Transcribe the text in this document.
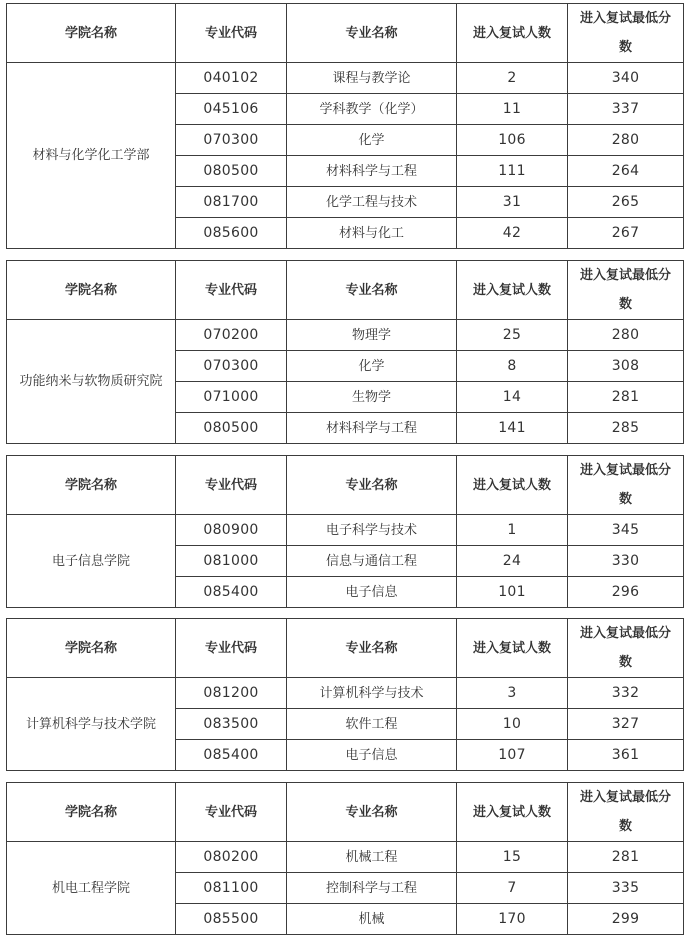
学院名称	专业代码	专业名称	进入复试人数	进入复试最低分
数
材料与化学化工学部	040102	课程与教学论	2	340
	045106	学科教学（化学）	11	337
	070300	化学	106	280
	080500	材料科学与工程	111	264
	081700	化学工程与技术	31	265
	085600	材料与化工	42	267
学院名称	专业代码	专业名称	进入复试人数	进入复试最低分
数
功能纳米与软物质研究院	070200	物理学	25	280
	070300	化学	8	308
	071000	生物学	14	281
	080500	材料科学与工程	141	285
学院名称	专业代码	专业名称	进入复试人数	进入复试最低分
数
电子信息学院	080900	电子科学与技术	1	345
	081000	信息与通信工程	24	330
	085400	电子信息	101	296
学院名称	专业代码	专业名称	进入复试人数	进入复试最低分
数
计算机科学与技术学院	081200	计算机科学与技术	3	332
	083500	软件工程	10	327
	085400	电子信息	107	361
学院名称	专业代码	专业名称	进入复试人数	进入复试最低分
数
机电工程学院	080200	机械工程	15	281
	081100	控制科学与工程	7	335
	085500	机械	170	299
